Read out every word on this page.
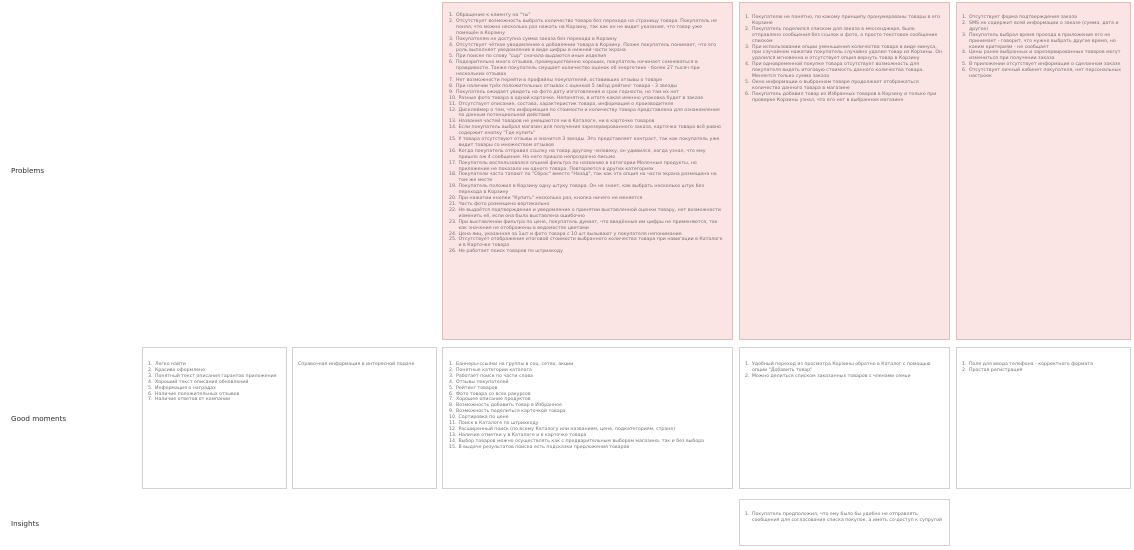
Problems
Good moments
Insights
1. Обращение к клиенту на "ты"
2. Отсутствует возможность выбрать количество товара без перехода на страницу товара. Покупатель не понял, что можно несколько раз нажать на Корзину, так как он не видит указания, что товар уже помещён в Корзину
3. Покупателям не доступна сумма заказа без перехода в Корзину
4. Отсутствует чёткое уведомление о добавлении товара в Корзину. Позже покупатель понимает, что его роль выполняет уведомление в виде цифры в нижней части экрана
5. При поиске по слову "сыр" сначала выдаются иные изделия
6. Подозрительно много отзывов, преимущественно хороших, покупатель начинает сомневаться в правдивости. Также покупатель смущает количество оценок об энергетике - более 27 тысяч при нескольких отзывах
7. Нет возможности перейти в профайлы покупателей, оставивших отзывы о товаре
8. При наличии трёх положительных отзывах с оценкой 5 звёзд рейтинг товара - 3 звезды
9. Покупатель ожидает увидеть на фото дату изготовления и срок годности, но там их нет
10. Разные фото товара в одной карточке. Непонятно, в итоге какая именно упаковка будет в заказе
11. Отсутствует описание, состава, характеристик товара, информация о производителе
12. Дисклеймер о том, что информация по стоимости и количеству товара представлена для ознакомления по данным потенциальной действий
13. Названия частей товаров не умещаются ни в Каталоге, ни в карточке товаров
14. Если покупатель выбрал магазин для получения зарезервированного заказа, карточка товара всё равно содержит кнопку "Где купить"
15. У товара отсутствуют отзывы и значится 3 звезды. Это представляет контраст, так как покупатель уже видит товары со множеством отзывов
16. Когда покупатель отправил ссылку на товар другому человеку, он удивился, когда узнал, что ему пришло аж 4 сообщения. На него пришло непрозрачно письмо
17. Покупатель воспользовался опцией фильтра по названию в категории Молочные продукты, но приложение не показало ни одного товара. Повторяется в других категориях
18. Покупатели часто тапают по "Сброс" вместо "Назад", так как эта опция на части экрана размещена на том же месте
19. Покупатель положил в Корзину одну штуку товара. Он не знает, как выбрать несколько штук без перехода в Корзину
20. При нажатии кнопки "Купить" несколько раз, кнопка ничего не меняется
21. Часть фото размещено вертикально
22. Не выдаётся подтверждение и уведомление о принятии выставленной оценки товару, нет возможности изменить её, если она была выставлена ошибочно
23. При выставлении фильтра по цене, покупатель думает, что введённые им цифры не применяются, так как значения не отображены в ведомостях цветами
24. Цена яиц, указанная за 1шт и фото товара с 10 шт вызывают у покупателя непонимание
25. Отсутствует отображение итоговой стоимости выбранного количества товара при навигации в Каталоге и в Карточке товара
26. Не работает поиск товаров по штрихкоду
1. Покупателю не понятно, по какому принципу пронумерованы товары в его Корзине
2. Покупатель поделился списком для заказа в мессенджере, было отправлено сообщения без ссылок и фото, а просто текстовое сообщение списком
3. При использовании опции уменьшения количества товара в виде минуса, при случайном нажатии покупатель случайно удалил товар из Корзины. Он удалился мгновенно и отсутствует опция вернуть товар в Корзину
4. При одновременной покупке товара отсутствует возможность для покупателя видеть итоговую стоимость данного количества товара. Меняется только сумма заказа
5. Окно информации о выбранном товаре продолжает отображаться количество данного товара в магазине
6. Покупатель добавил товар из Избранных товаров в Корзину и только при проверке Корзины узнал, что его нет в выбранном магазине
1. Отсутствует форма подтверждения заказа
2. SMS не содержит всей информации о заказе (сумма, дата и другое)
3. Покупатель выбрал время проезда в приложение его не принимает - говорит, что нужно выбрать другое время, но каким критериям - не сообщает
4. Цены ранее выбранных и зарезервированных товаров могут измениться при получении заказа
5. В приложении отсутствует информация о сделанном заказе
6. Отсутствует личный кабинет покупателя, нет персональных настроек
1. Легко найти
2. Красиво оформлено
3. Понятный текст описания гарантов приложения
4. Хороший текст описания обновлений
5. Информация о наградах
6. Наличие положительных отзывов
7. Наличие ответов от компании

Справочная информация в интересной подаче	1. Баннеры-ссылки на группы в соц. сетях, акции
2. Понятные категории каталога
3. Работает поиск по части слова
4. Отзывы покупателей
5. Рейтинг товаров
6. Фото товара со всех ракурсов
7. Хорошее описание продуктов
8. Возможность добавить товар в Избранное
9. Возможность поделиться карточкой товара
10. Сортировка по цене
11. Поиск в Каталоге по штрихкоду
12. Расширенный поиск (по всему Каталогу или названиям, цене, подкатегориям, стране)
13. Наличие отметки у в Каталоге и в карточке товара
14. Выбор товаров можно осуществлять как с предварительным выбором магазина, так и без выбора
15. В выдаче результатов поиска есть подсказки предложения товаров
1. Удобный переход из просмотра Корзины обратно в Каталог с помощью опции "Добавить товар"
2. Можно делиться списком заказанных товаров с членами семьи
1. Поле для ввода телефона - корректного формата
2. Простая регистрация
1. Покупатель предположил, что ему было бы удобно не отправлять сообщения для согласования списка покупок, а иметь со-доступ к супругой
